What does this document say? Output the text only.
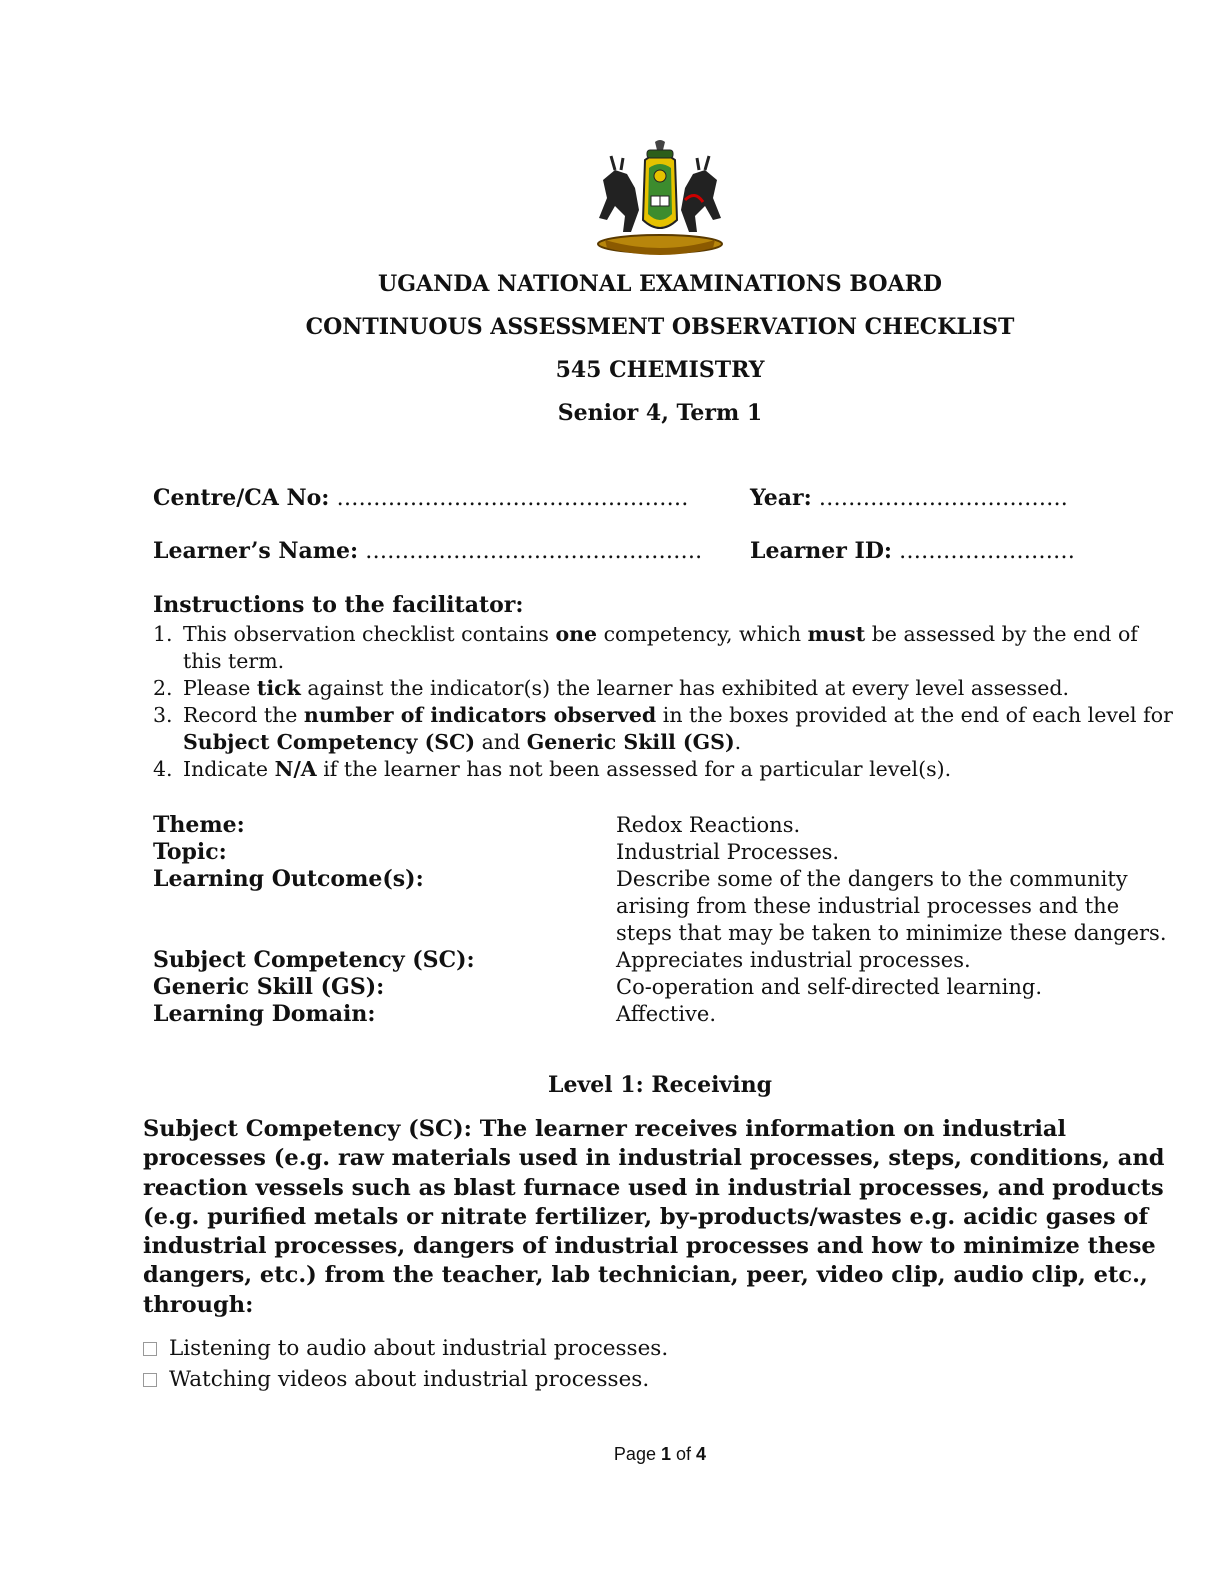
UGANDA NATIONAL EXAMINATIONS BOARD
CONTINUOUS ASSESSMENT OBSERVATION CHECKLIST
545 CHEMISTRY
Senior 4, Term 1
Centre/CA No: …………………………………………	Year: …………………………….
Learner’s Name: ………………………………………. Learner ID: ……………………
Instructions to the facilitator:
1. This observation checklist contains one competency, which must be assessed by the end of this term.
2. Please tick against the indicator(s) the learner has exhibited at every level assessed.
3. Record the number of indicators observed in the boxes provided at the end of each level for Subject Competency (SC) and Generic Skill (GS).
4. Indicate N/A if the learner has not been assessed for a particular level(s).
Theme:	Redox Reactions.
Topic:	Industrial Processes.
Learning Outcome(s):	Describe some of the dangers to the community arising from these industrial processes and the steps that may be taken to minimize these dangers.
Subject Competency (SC):	Appreciates industrial processes.
Generic Skill (GS):	Co-operation and self-directed learning.
Learning Domain:	Affective.
Level 1: Receiving
Subject Competency (SC): The learner receives information on industrial processes (e.g. raw materials used in industrial processes, steps, conditions, and reaction vessels such as blast furnace used in industrial processes, and products (e.g. purified metals or nitrate fertilizer, by-products/wastes e.g. acidic gases of industrial processes, dangers of industrial processes and how to minimize these dangers, etc.) from the teacher, lab technician, peer, video clip, audio clip, etc., through:
Listening to audio about industrial processes.
Watching videos about industrial processes.
Page 1 of 4
